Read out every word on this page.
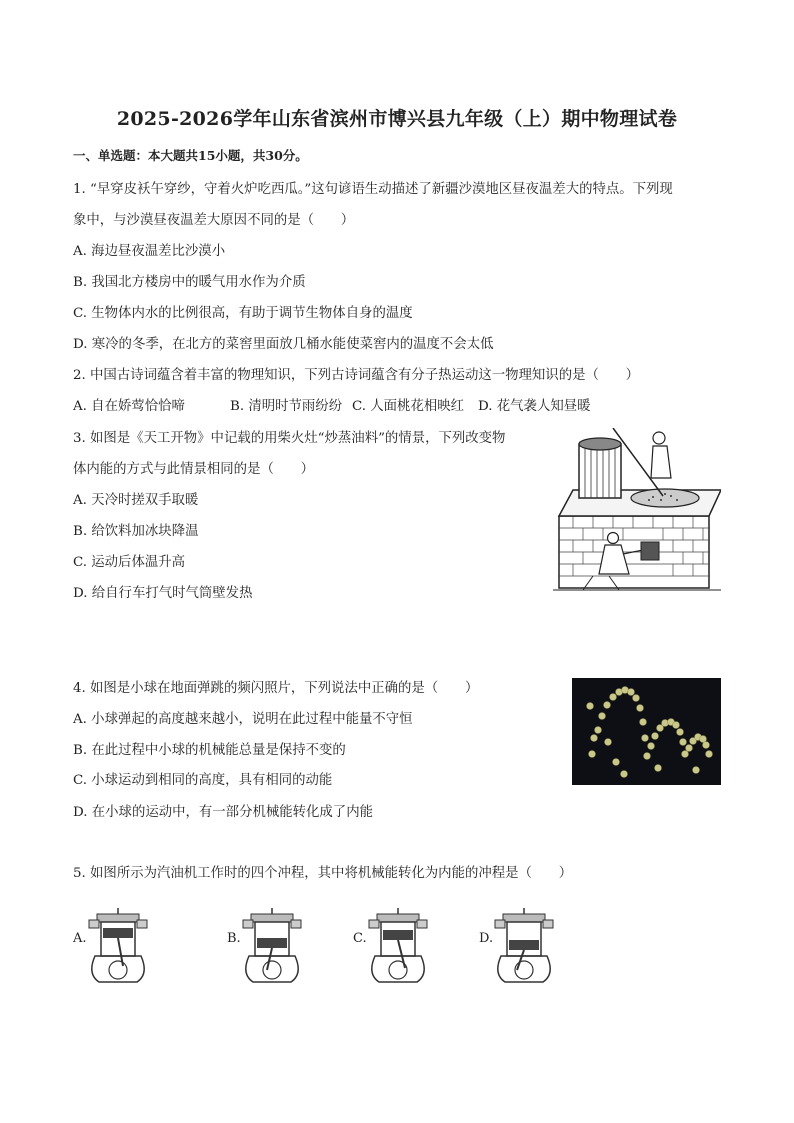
2025-2026学年山东省滨州市博兴县九年级（上）期中物理试卷
一、单选题：本大题共15小题，共30分。
1. “早穿皮袄午穿纱，守着火炉吃西瓜。”这句谚语生动描述了新疆沙漠地区昼夜温差大的特点。下列现
象中，与沙漠昼夜温差大原因不同的是（　　）
A. 海边昼夜温差比沙漠小
B. 我国北方楼房中的暖气用水作为介质
C. 生物体内水的比例很高，有助于调节生物体自身的温度
D. 寒冷的冬季，在北方的菜窖里面放几桶水能使菜窖内的温度不会太低
2. 中国古诗词蕴含着丰富的物理知识，下列古诗词蕴含有分子热运动这一物理知识的是（　　）
A. 自在娇莺恰恰啼	B. 清明时节雨纷纷 C. 人面桃花相映红 D. 花气袭人知昼暖
3. 如图是《天工开物》中记载的用柴火灶“炒蒸油料”的情景，下列改变物
体内能的方式与此情景相同的是（　　）
A. 天冷时搓双手取暖
B. 给饮料加冰块降温
C. 运动后体温升高
D. 给自行车打气时气筒壁发热
4. 如图是小球在地面弹跳的频闪照片，下列说法中正确的是（　　）
A. 小球弹起的高度越来越小，说明在此过程中能量不守恒
B. 在此过程中小球的机械能总量是保持不变的
C. 小球运动到相同的高度，具有相同的动能
D. 在小球的运动中，有一部分机械能转化成了内能
5. 如图所示为汽油机工作时的四个冲程，其中将机械能转化为内能的冲程是（　　）
A.	B.	C.	D.
